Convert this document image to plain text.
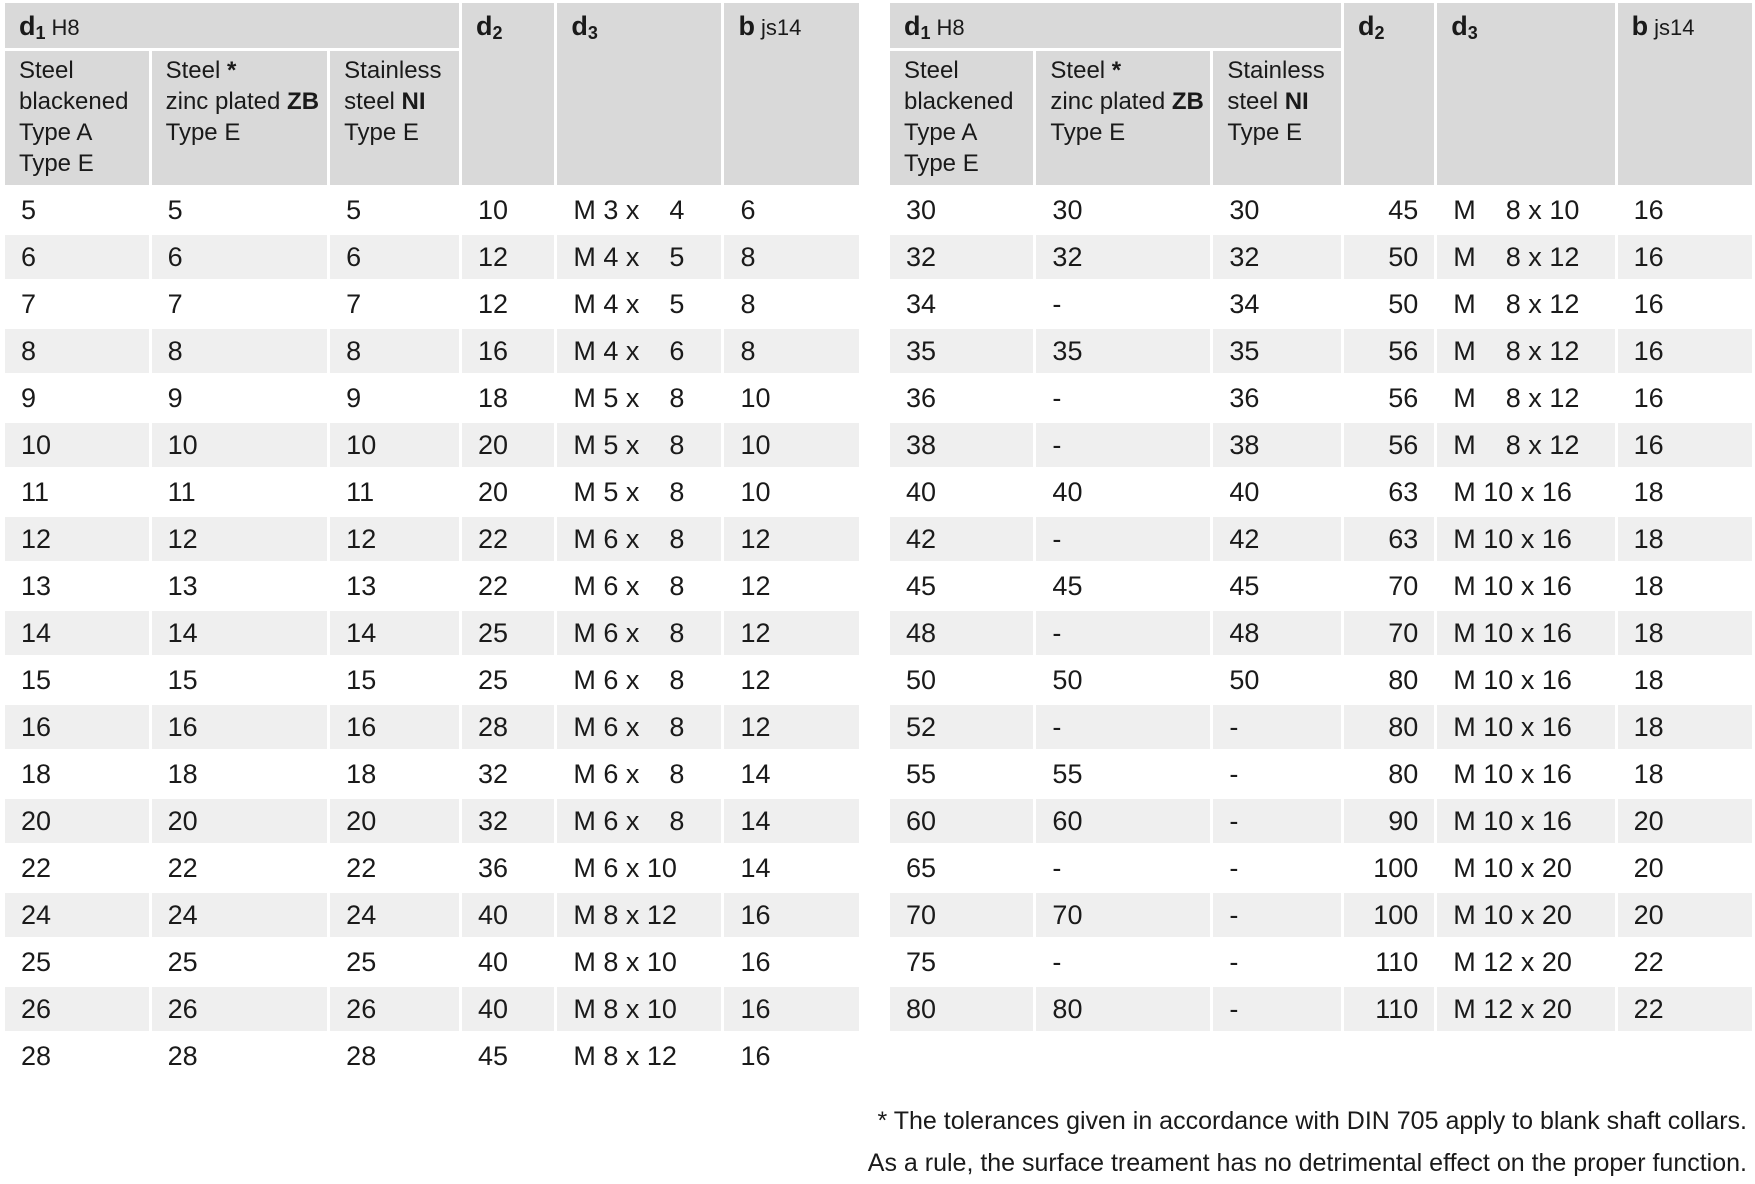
$d_1$ H8			$d_2$	$d_3$	b js14

Steel
blackened
Type A
Type E	Steel *
zinc plated ZB
Type E	Stainless
steel NI
Type E			

5	5	5	10	M 3 x    4	6
6	6	6	12	M 4 x    5	8
7	7	7	12	M 4 x    5	8
8	8	8	16	M 4 x    6	8
9	9	9	18	M 5 x    8	10
10	10	10	20	M 5 x    8	10
11	11	11	20	M 5 x    8	10
12	12	12	22	M 6 x    8	12
13	13	13	22	M 6 x    8	12
14	14	14	25	M 6 x    8	12
15	15	15	25	M 6 x    8	12
16	16	16	28	M 6 x    8	12
18	18	18	32	M 6 x    8	14
20	20	20	32	M 6 x    8	14
22	22	22	36	M 6 x 10	14
24	24	24	40	M 8 x 12	16
25	25	25	40	M 8 x 10	16
26	26	26	40	M 8 x 10	16
28	28	28	45	M 8 x 12	16
$d_1$ H8			$d_2$	$d_3$	b js14

Steel
blackened
Type A
Type E	Steel *
zinc plated ZB
Type E	Stainless
steel NI
Type E			

30	30	30	45	M    8 x 10	16
32	32	32	50	M    8 x 12	16
34	-	34	50	M    8 x 12	16
35	35	35	56	M    8 x 12	16
36	-	36	56	M    8 x 12	16
38	-	38	56	M    8 x 12	16
40	40	40	63	M 10 x 16	18
42	-	42	63	M 10 x 16	18
45	45	45	70	M 10 x 16	18
48	-	48	70	M 10 x 16	18
50	50	50	80	M 10 x 16	18
52	-	-	80	M 10 x 16	18
55	55	-	80	M 10 x 16	18
60	60	-	90	M 10 x 16	20
65	-	-	100	M 10 x 20	20
70	70	-	100	M 10 x 20	20
75	-	-	110	M 12 x 20	22
80	80	-	110	M 12 x 20	22
* The tolerances given in accordance with DIN 705 apply to blank shaft collars.
As a rule, the surface treament has no detrimental effect on the proper function.
